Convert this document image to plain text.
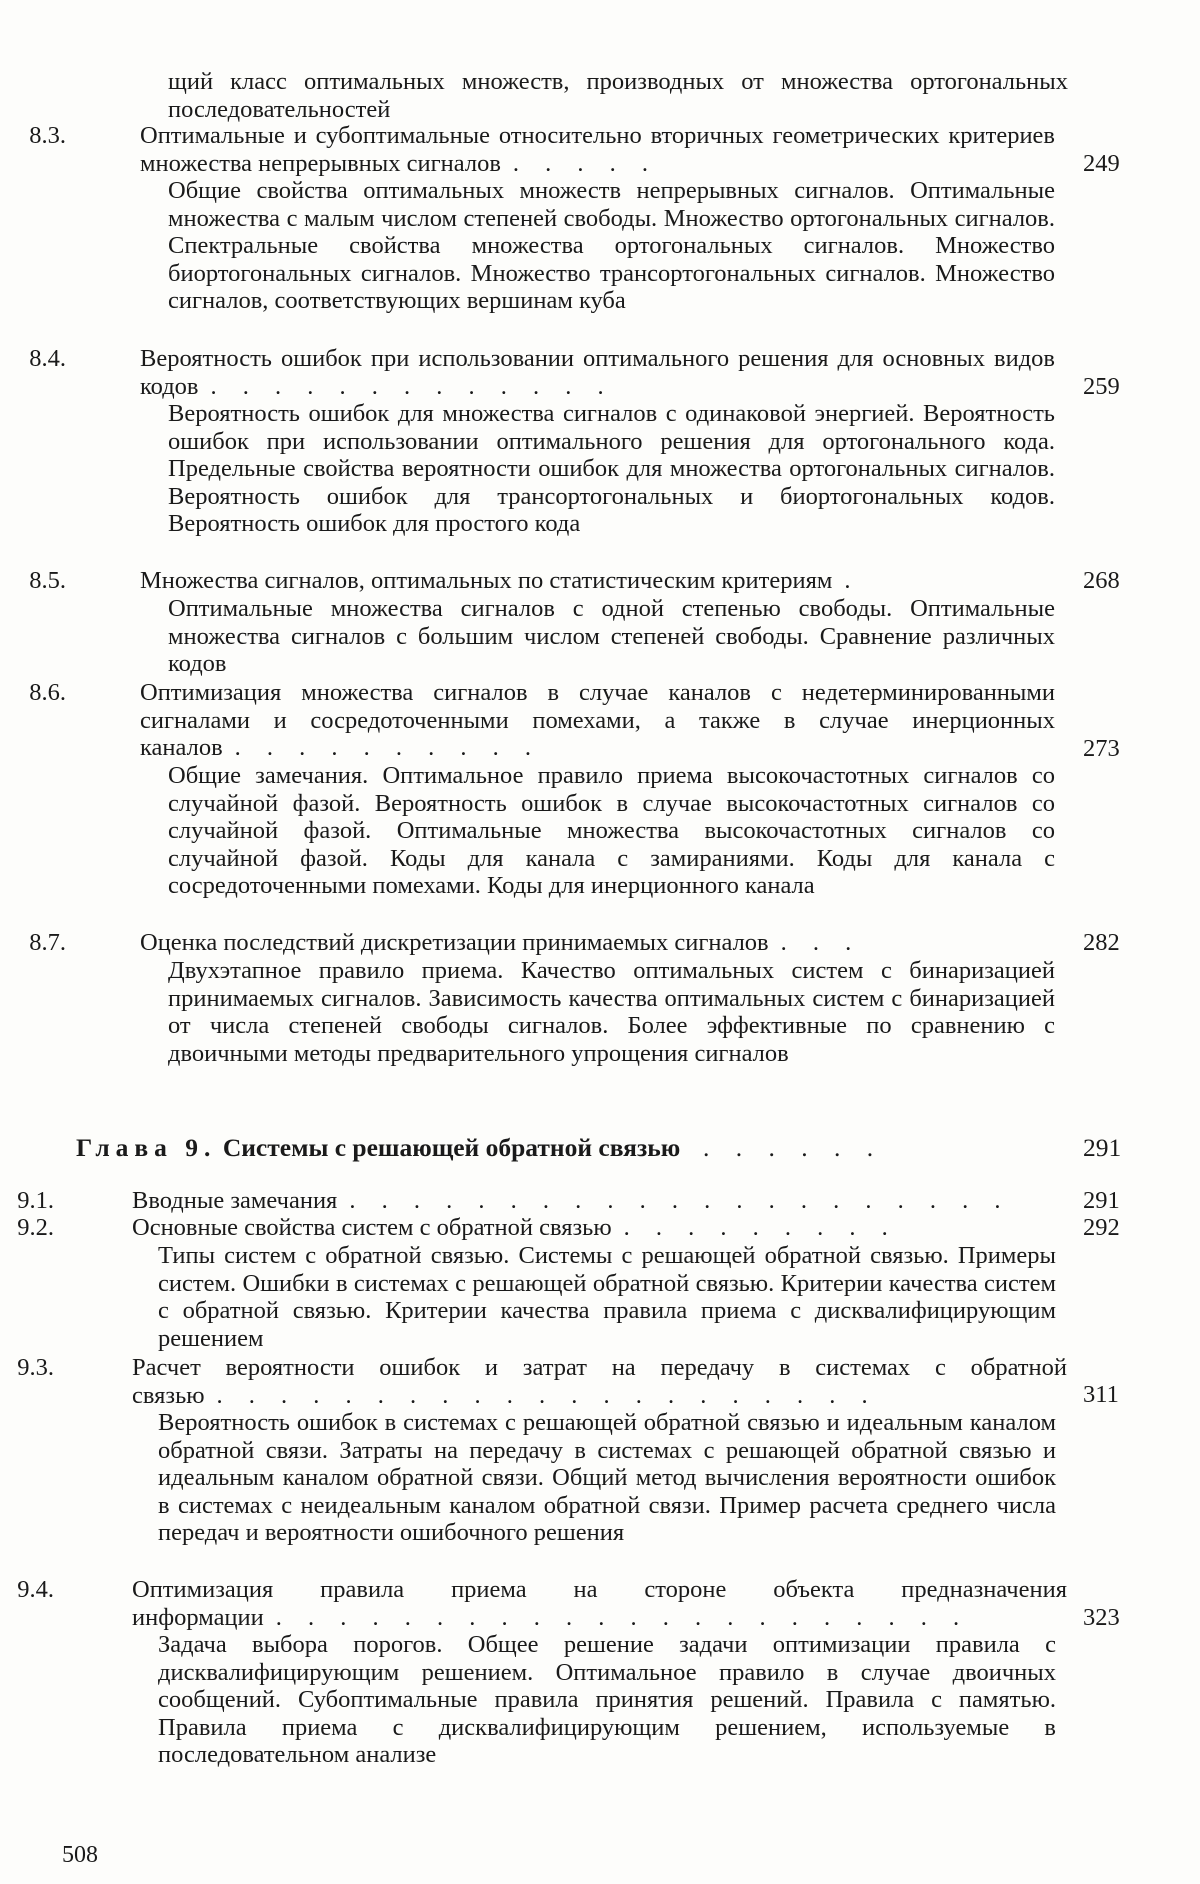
щий класс оптимальных множеств, производных от множества ортогональных последовательностей
8.3.	Оптимальные и субоптимальные относительно вторичных геометрических критериев множества непрерывных сигналов . . . . .	249
Общие свойства оптимальных множеств непрерывных сигналов. Оптимальные множества с малым числом степеней свободы. Множество ортогональных сигналов. Спектральные свойства множества ортогональных сигналов. Множество биортогональных сигналов. Множество трансортогональных сигналов. Множество сигналов, соответствующих вершинам куба
8.4.	Вероятность ошибок при использовании оптимального решения для основных видов кодов . . . . . . . . . . . . .	259
Вероятность ошибок для множества сигналов с одинаковой энергией. Вероятность ошибок при использовании оптимального решения для ортогонального кода. Предельные свойства вероятности ошибок для множества ортогональных сигналов. Вероятность ошибок для трансортогональных и биортогональных кодов. Вероятность ошибок для простого кода
8.5.	Множества сигналов, оптимальных по статистическим критериям .	268
Оптимальные множества сигналов с одной степенью свободы. Оптимальные множества сигналов с большим числом степеней свободы. Сравнение различных кодов
8.6.	Оптимизация множества сигналов в случае каналов с недетерминированными сигналами и сосредоточенными помехами, а также в случае инерционных каналов . . . . . . . . . .	273
Общие замечания. Оптимальное правило приема высокочастотных сигналов со случайной фазой. Вероятность ошибок в случае высокочастотных сигналов со случайной фазой. Оптимальные множества высокочастотных сигналов со случайной фазой. Коды для канала с замираниями. Коды для канала с сосредоточенными помехами. Коды для инерционного канала
8.7.	Оценка последствий дискретизации принимаемых сигналов . . .	282
Двухэтапное правило приема. Качество оптимальных систем с бинаризацией принимаемых сигналов. Зависимость качества оптимальных систем с бинаризацией от числа степеней свободы сигналов. Более эффективные по сравнению с двоичными методы предварительного упрощения сигналов
Глава 9. Системы с решающей обратной связью  . . . . . .	291
9.1.	Вводные замечания . . . . . . . . . . . . . . . . . . . . .	291
9.2.	Основные свойства систем с обратной связью . . . . . . . . .	292
Типы систем с обратной связью. Системы с решающей обратной связью. Примеры систем. Ошибки в системах с решающей обратной связью. Критерии качества систем с обратной связью. Критерии качества правила приема с дисквалифицирующим решением
9.3.	Расчет вероятности ошибок и затрат на передачу в системах с обратной связью . . . . . . . . . . . . . . . . . . . . .	311
Вероятность ошибок в системах с решающей обратной связью и идеальным каналом обратной связи. Затраты на передачу в системах с решающей обратной связью и идеальным каналом обратной связи. Общий метод вычисления вероятности ошибок в системах с неидеальным каналом обратной связи. Пример расчета среднего числа передач и вероятности ошибочного решения
9.4.	Оптимизация правила приема на стороне объекта предназначения информации . . . . . . . . . . . . . . . . . . . . . .	323
Задача выбора порогов. Общее решение задачи оптимизации правила с дисквалифицирующим решением. Оптимальное правило в случае двоичных сообщений. Субоптимальные правила принятия решений. Правила с памятью. Правила приема с дисквалифицирующим решением, используемые в последовательном анализе
508
